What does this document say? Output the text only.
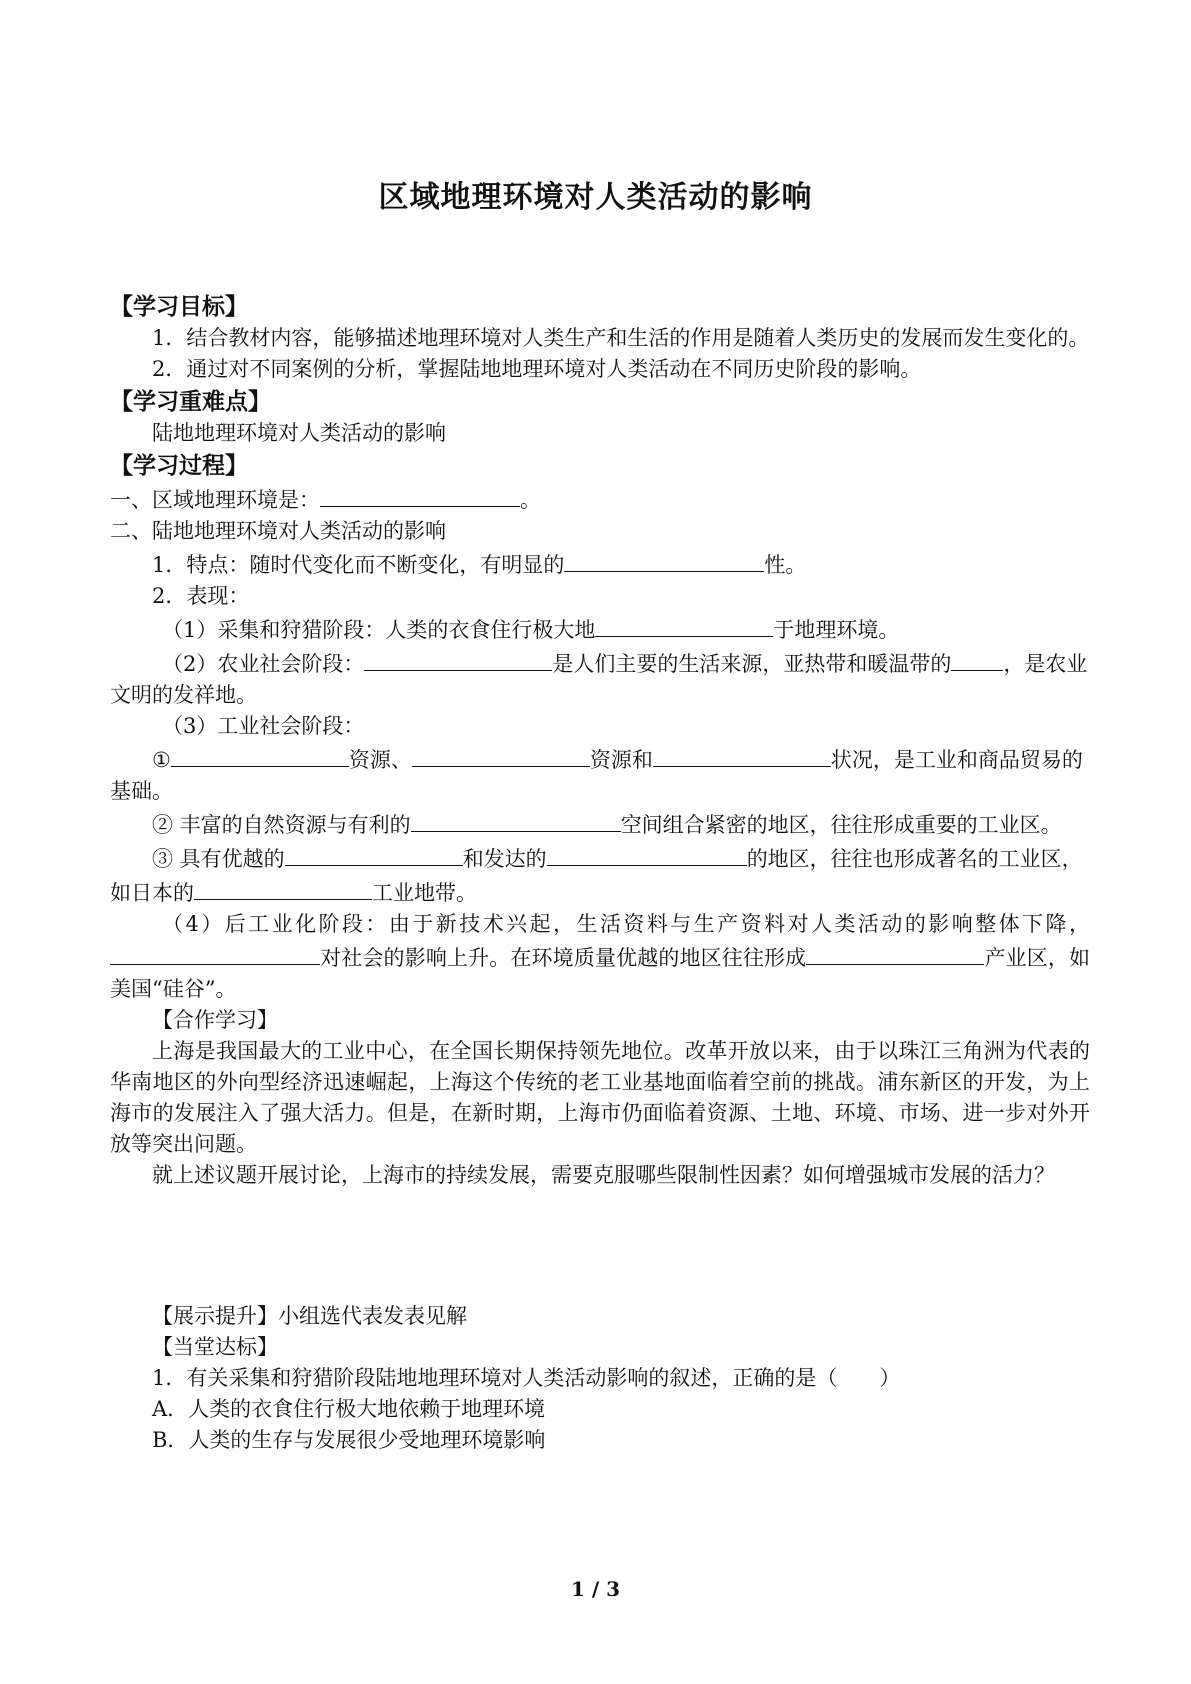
区域地理环境对人类活动的影响
【学习目标】

1．结合教材内容，能够描述地理环境对人类生产和生活的作用是随着人类历史的发展而发生变化的。

2．通过对不同案例的分析，掌握陆地地理环境对人类活动在不同历史阶段的影响。

【学习重难点】

陆地地理环境对人类活动的影响

【学习过程】

一、区域地理环境是：	。

二、陆地地理环境对人类活动的影响

1．特点：随时代变化而不断变化，有明显的	性。

2．表现：

（1）采集和狩猎阶段：人类的衣食住行极大地	于地理环境。

（2）农业社会阶段：	是人们主要的生活来源，亚热带和暖温带的 ，是农业文明的发祥地。

（3）工业社会阶段：

①	资源、	资源和	状况，是工业和商品贸易的基础。

② 丰富的自然资源与有利的	空间组合紧密的地区，往往形成重要的工业区。

③ 具有优越的	和发达的	的地区，往往也形成著名的工业区，如日本的	工业地带。

（4）后工业化阶段：由于新技术兴起，生活资料与生产资料对人类活动的影响整体下降，对社会的影响上升。在环境质量优越的地区往往形成	产业区，如美国“硅谷”。

【合作学习】

上海是我国最大的工业中心，在全国长期保持领先地位。改革开放以来，由于以珠江三角洲为代表的华南地区的外向型经济迅速崛起，上海这个传统的老工业基地面临着空前的挑战。浦东新区的开发，为上海市的发展注入了强大活力。但是，在新时期，上海市仍面临着资源、土地、环境、市场、进一步对外开放等突出问题。

就上述议题开展讨论，上海市的持续发展，需要克服哪些限制性因素？如何增强城市发展的活力？

【展示提升】小组选代表发表见解

【当堂达标】

1．有关采集和狩猎阶段陆地地理环境对人类活动影响的叙述，正确的是（　　）

A．人类的衣食住行极大地依赖于地理环境

B．人类的生存与发展很少受地理环境影响

1 / 3
